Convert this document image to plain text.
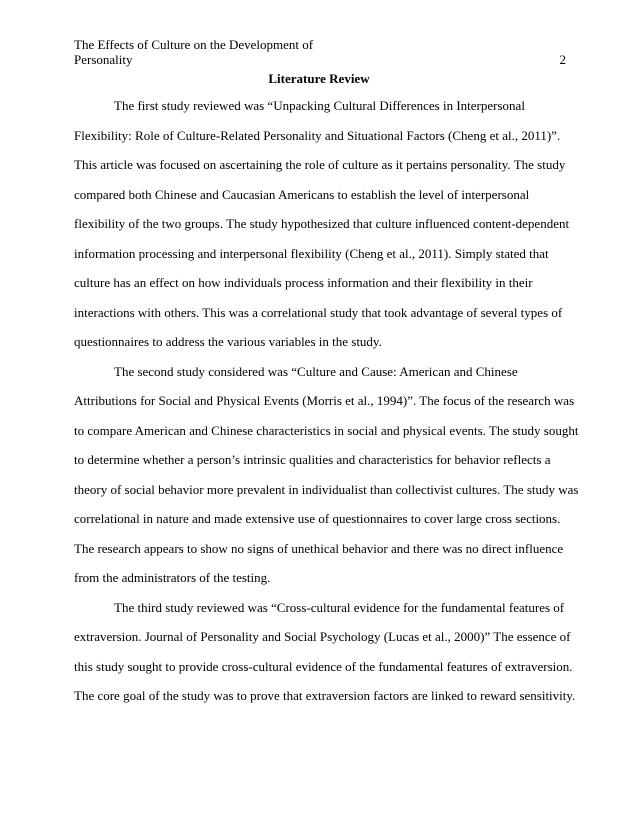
The Effects of Culture on the Development of
Personality	2
Literature Review
The first study reviewed was “Unpacking Cultural Differences in Interpersonal
Flexibility: Role of Culture-Related Personality and Situational Factors (Cheng et al., 2011)”.
This article was focused on ascertaining the role of culture as it pertains personality. The study
compared both Chinese and Caucasian Americans to establish the level of interpersonal
flexibility of the two groups. The study hypothesized that culture influenced content-dependent
information processing and interpersonal flexibility (Cheng et al., 2011). Simply stated that
culture has an effect on how individuals process information and their flexibility in their
interactions with others. This was a correlational study that took advantage of several types of
questionnaires to address the various variables in the study.
The second study considered was “Culture and Cause: American and Chinese
Attributions for Social and Physical Events (Morris et al., 1994)”. The focus of the research was
to compare American and Chinese characteristics in social and physical events. The study sought
to determine whether a person’s intrinsic qualities and characteristics for behavior reflects a
theory of social behavior more prevalent in individualist than collectivist cultures. The study was
correlational in nature and made extensive use of questionnaires to cover large cross sections.
The research appears to show no signs of unethical behavior and there was no direct influence
from the administrators of the testing.
The third study reviewed was “Cross-cultural evidence for the fundamental features of
extraversion. Journal of Personality and Social Psychology (Lucas et al., 2000)” The essence of
this study sought to provide cross-cultural evidence of the fundamental features of extraversion.
The core goal of the study was to prove that extraversion factors are linked to reward sensitivity.
